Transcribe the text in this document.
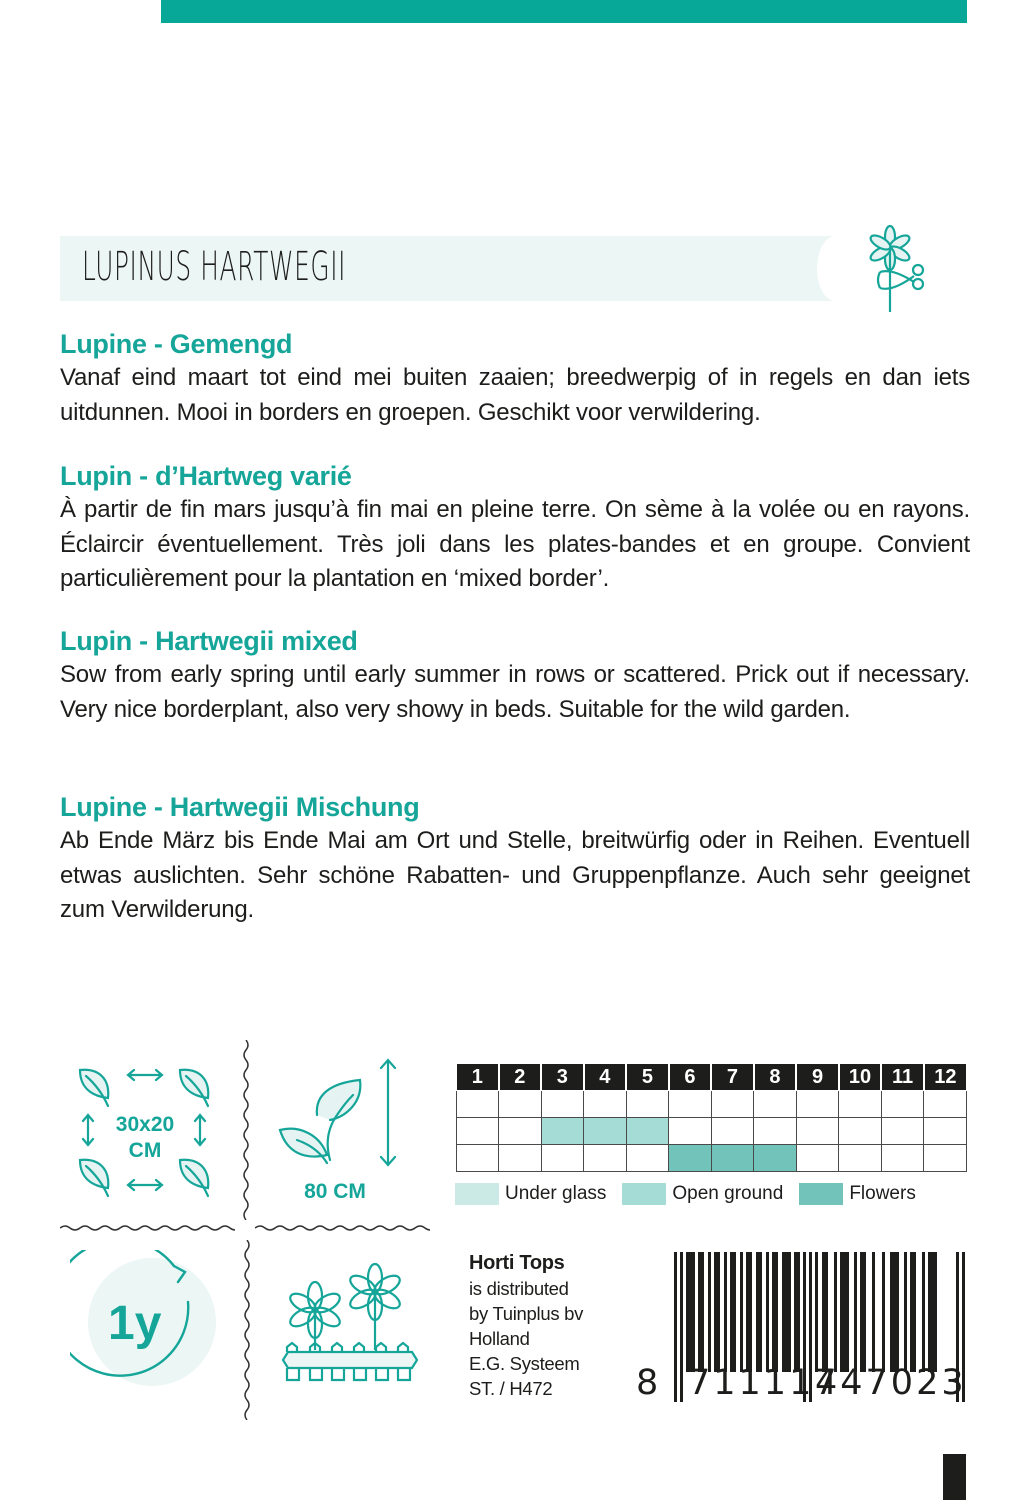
LUPINUS HARTWEGII
Lupine - Gemengd

Vanaf eind maart tot eind mei buiten zaaien; breedwerpig of in regels en dan iets uitdunnen. Mooi in borders en groepen. Geschikt voor verwildering.

Lupin - d’Hartweg varié

À partir de fin mars jusqu’à fin mai en pleine terre. On sème à la volée ou en rayons. Éclaircir éventuellement. Très joli dans les plates-bandes et en groupe. Convient particulièrement pour la plantation en ‘mixed border’.

Lupin - Hartwegii mixed

Sow from early spring until early summer in rows or scattered. Prick out if necessary. Very nice borderplant, also very showy in beds. Suitable for the wild garden.

Lupine - Hartwegii Mischung

Ab Ende März bis Ende Mai am Ort und Stelle, breitwürfig oder in Reihen. Eventuell etwas auslichten. Sehr schöne Rabatten- und Gruppenpflanze. Auch sehr geeignet zum Verwilderung.

30x20
CM
80 CM
1y
1	2	3	4	5	6	7	8	9	10	11	12

Under glass	Open ground	Flowers
Horti Tops
is distributed
by Tuinplus bv
Holland
E.G. Systeem
ST. / H472	8 711117
447023
